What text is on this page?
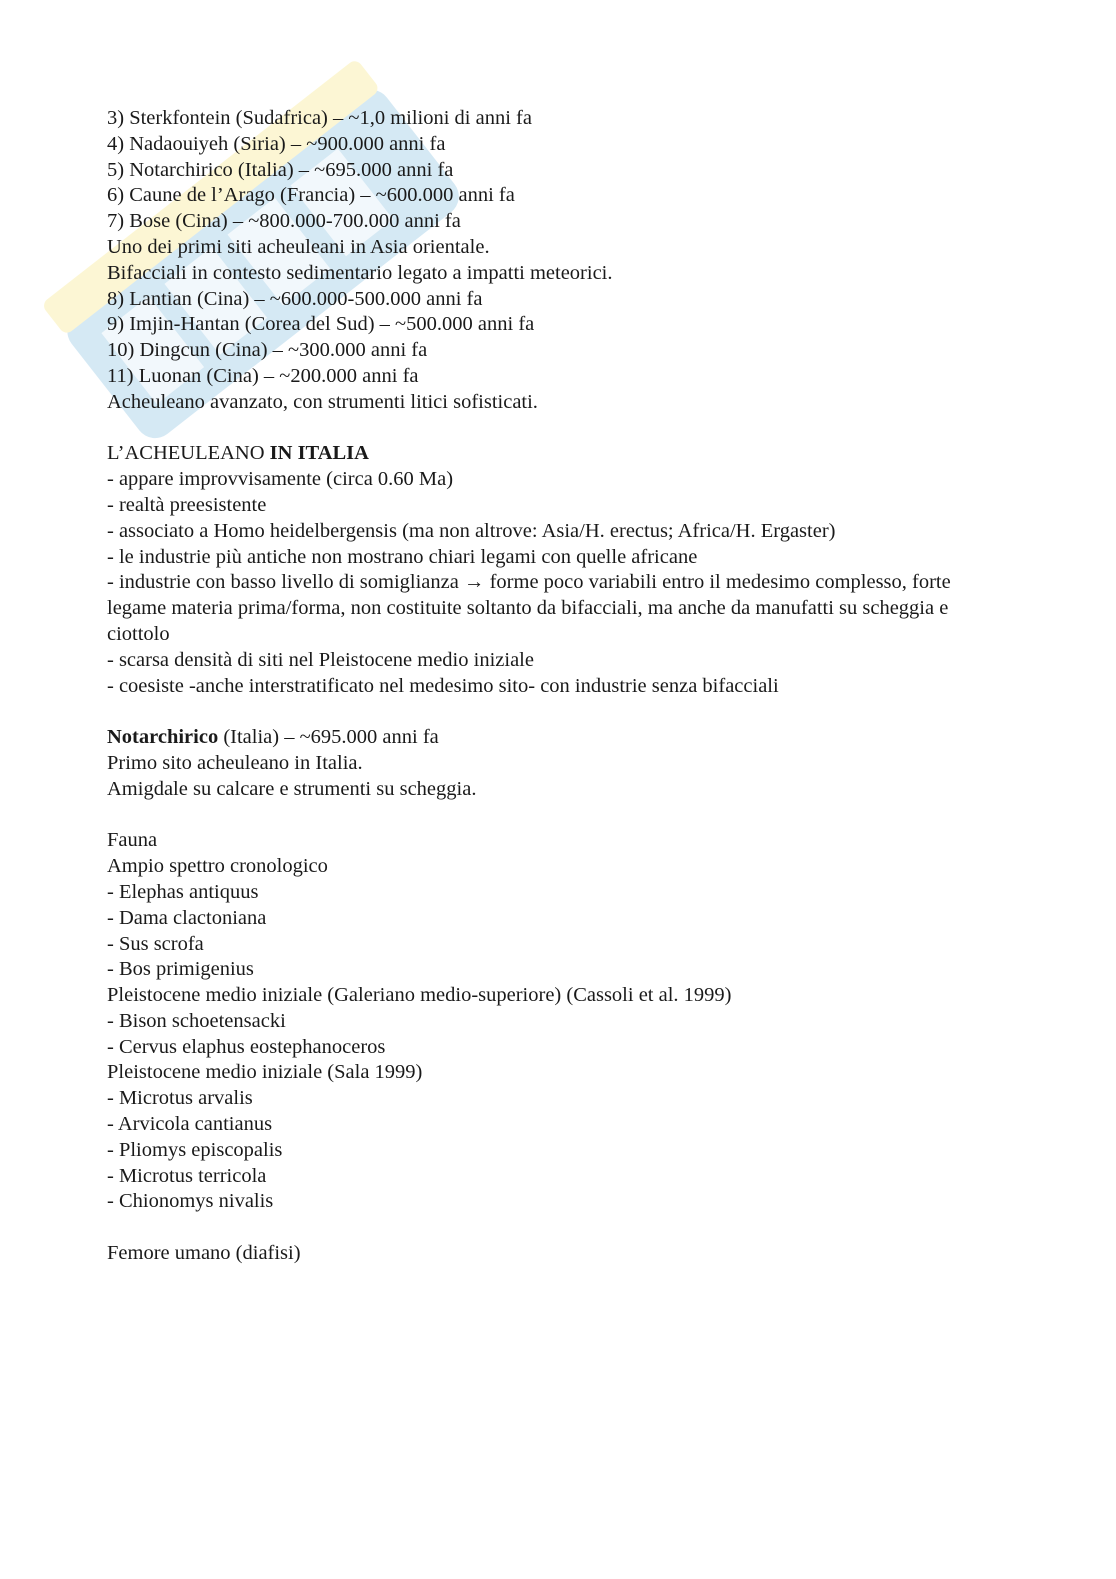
3) Sterkfontein (Sudafrica) – ~1,0 milioni di anni fa
4) Nadaouiyeh (Siria) – ~900.000 anni fa
5) Notarchirico (Italia) – ~695.000 anni fa
6) Caune de l’Arago (Francia) – ~600.000 anni fa
7) Bose (Cina) – ~800.000-700.000 anni fa
Uno dei primi siti acheuleani in Asia orientale.
Bifacciali in contesto sedimentario legato a impatti meteorici.
8) Lantian (Cina) – ~600.000-500.000 anni fa
9) Imjin-Hantan (Corea del Sud) – ~500.000 anni fa
10) Dingcun (Cina) – ~300.000 anni fa
11) Luonan (Cina) – ~200.000 anni fa
Acheuleano avanzato, con strumenti litici sofisticati.
L’ACHEULEANO IN ITALIA
- appare improvvisamente (circa 0.60 Ma)
- realtà preesistente
- associato a Homo heidelbergensis (ma non altrove: Asia/H. erectus; Africa/H. Ergaster)
- le industrie più antiche non mostrano chiari legami con quelle africane
- industrie con basso livello di somiglianza → forme poco variabili entro il medesimo complesso, forte legame materia prima/forma, non costituite soltanto da bifacciali, ma anche da manufatti su scheggia e ciottolo
- scarsa densità di siti nel Pleistocene medio iniziale
- coesiste -anche interstratificato nel medesimo sito- con industrie senza bifacciali
Notarchirico (Italia) – ~695.000 anni fa
Primo sito acheuleano in Italia.
Amigdale su calcare e strumenti su scheggia.
Fauna
Ampio spettro cronologico
- Elephas antiquus
- Dama clactoniana
- Sus scrofa
- Bos primigenius
Pleistocene medio iniziale (Galeriano medio-superiore) (Cassoli et al. 1999)
- Bison schoetensacki
- Cervus elaphus eostephanoceros
Pleistocene medio iniziale (Sala 1999)
- Microtus arvalis
- Arvicola cantianus
- Pliomys episcopalis
- Microtus terricola
- Chionomys nivalis
Femore umano (diafisi)
